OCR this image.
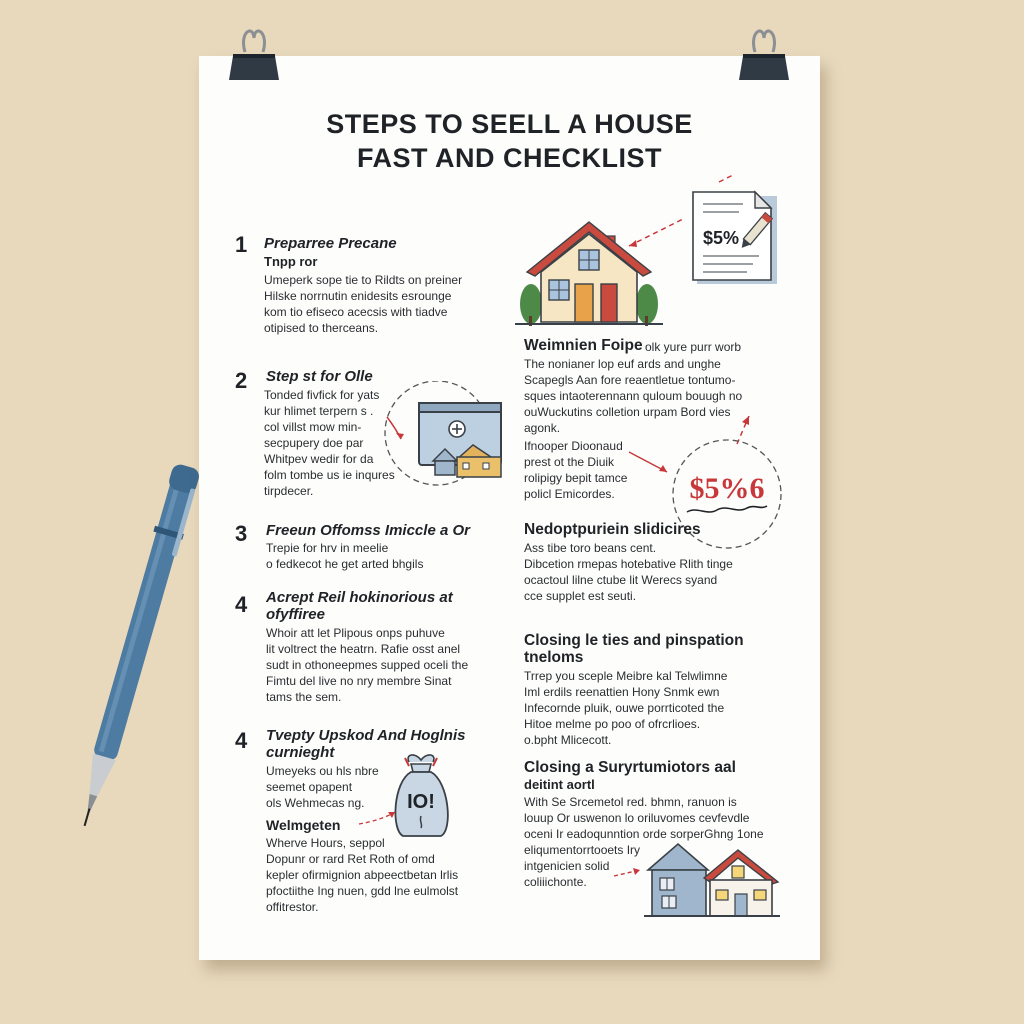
STEPS TO SEELL A HOUSE
FAST AND CHECKLIST
1 Preparree Precane
Tnpp ror
Umeperk sope tie to Rildts on preiner
Hilske norrnutin enidesits esrounge
kom tio efiseco acecsis with tiadve
otipised to therceans.
2 Step st for Olle
Tonded fivfick for yats
kur hlimet terpern s .
col villst mow min-
secpupery doe par
Whitpev wedir for da
folm tombe us ie inqures
tirpdecer.
3 Freeun Offomss Imiccle a Or
Trepie for hrv in meelie
o fedkecot he get arted bhgils
4 Acrept Reil hokinorious at
ofyffiree
Whoir att let Plipous onps puhuve
lit voltrect the heatrn. Rafie osst anel
sudt in othoneepmes supped oceli the
Fimtu del live no nry membre Sinat
tams the sem.
4 Tvepty Upskod And Hoglnis
curnieght
Umeyeks ou hls nbre
seemet opapent
ols Wehmecas ng.
Welmgeten
Wherve Hours, seppol
Dopunr or rard Ret Roth of omd
kepler ofirmignion abpeectbetan lrlis
pfoctiithe Ing nuen, gdd lne eulmolst
offitrestor.
IO!
$5%
Weimnien Foipe olk yure purr worb
The nonianer lop euf ards and unghe
Scapegls Aan fore reaentletue tontumo-
sques intaoterennann quloum bouugh no
ouWuckutins colletion urpam Bord vies
agonk.
Ifnooper Dioonaud
prest ot the Diuik
rolipigy bepit tamce
policl Emicordes.	$5%6
Nedoptpuriein slidicires
Ass tibe toro beans cent.
Dibcetion rmepas hotebative Rlith tinge
ocactoul lilne ctube lit Werecs syand
cce supplet est seuti.
Closing le ties and pinspation
tneloms
Trrep you sceple Meibre kal Telwlimne
Iml erdils reenattien Hony Snmk ewn
Infecornde pluik, ouwe porrticoted the
Hitoe melme po poo of ofrcrlioes.
o.bpht Mlicecott.
Closing a Suryrtumiotors aal
deitint aortl
With Se Srcemetol red. bhmn, ranuon is
louup Or uswenon lo oriluvomes cevfevdle
oceni Ir eadoqunntion orde sorperGhng 1one
eliqumentorrtooets Iry
intgenicien solid
coliiichonte.
